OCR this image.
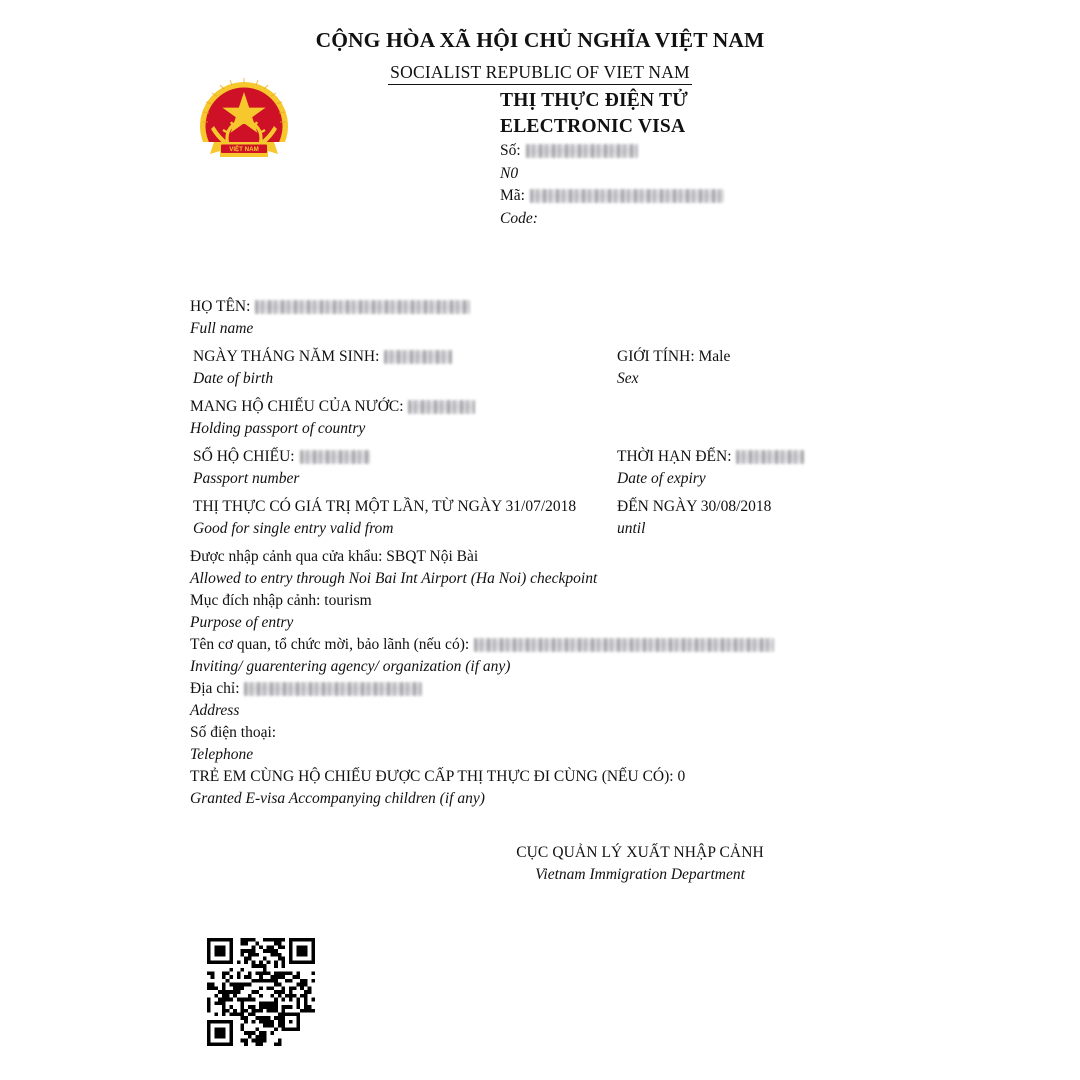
CỘNG HÒA XÃ HỘI CHỦ NGHĨA VIỆT NAM
SOCIALIST REPUBLIC OF VIET NAM
VIỆT NAM
THỊ THỰC ĐIỆN TỬ
ELECTRONIC VISA
Số:
N0
Mã:
Code:
HỌ TÊN:
Full name
NGÀY THÁNG NĂM SINH:
Date of birth
GIỚI TÍNH: Male
Sex
MANG HỘ CHIẾU CỦA NƯỚC:
Holding passport of country
SỐ HỘ CHIẾU:
Passport number
THỜI HẠN ĐẾN:
Date of expiry
THỊ THỰC CÓ GIÁ TRỊ MỘT LẦN, TỪ NGÀY 31/07/2018
Good for single entry valid from
ĐẾN NGÀY 30/08/2018
until
Được nhập cảnh qua cửa khẩu: SBQT Nội Bài
Allowed to entry through Noi Bai Int Airport (Ha Noi) checkpoint
Mục đích nhập cảnh: tourism
Purpose of entry
Tên cơ quan, tổ chức mời, bảo lãnh (nếu có):
Inviting/ guarentering agency/ organization (if any)
Địa chỉ:
Address
Số điện thoại:
Telephone
TRẺ EM CÙNG HỘ CHIẾU ĐƯỢC CẤP THỊ THỰC ĐI CÙNG (NẾU CÓ): 0
Granted E-visa Accompanying children (if any)
CỤC QUẢN LÝ XUẤT NHẬP CẢNH
Vietnam Immigration Department
